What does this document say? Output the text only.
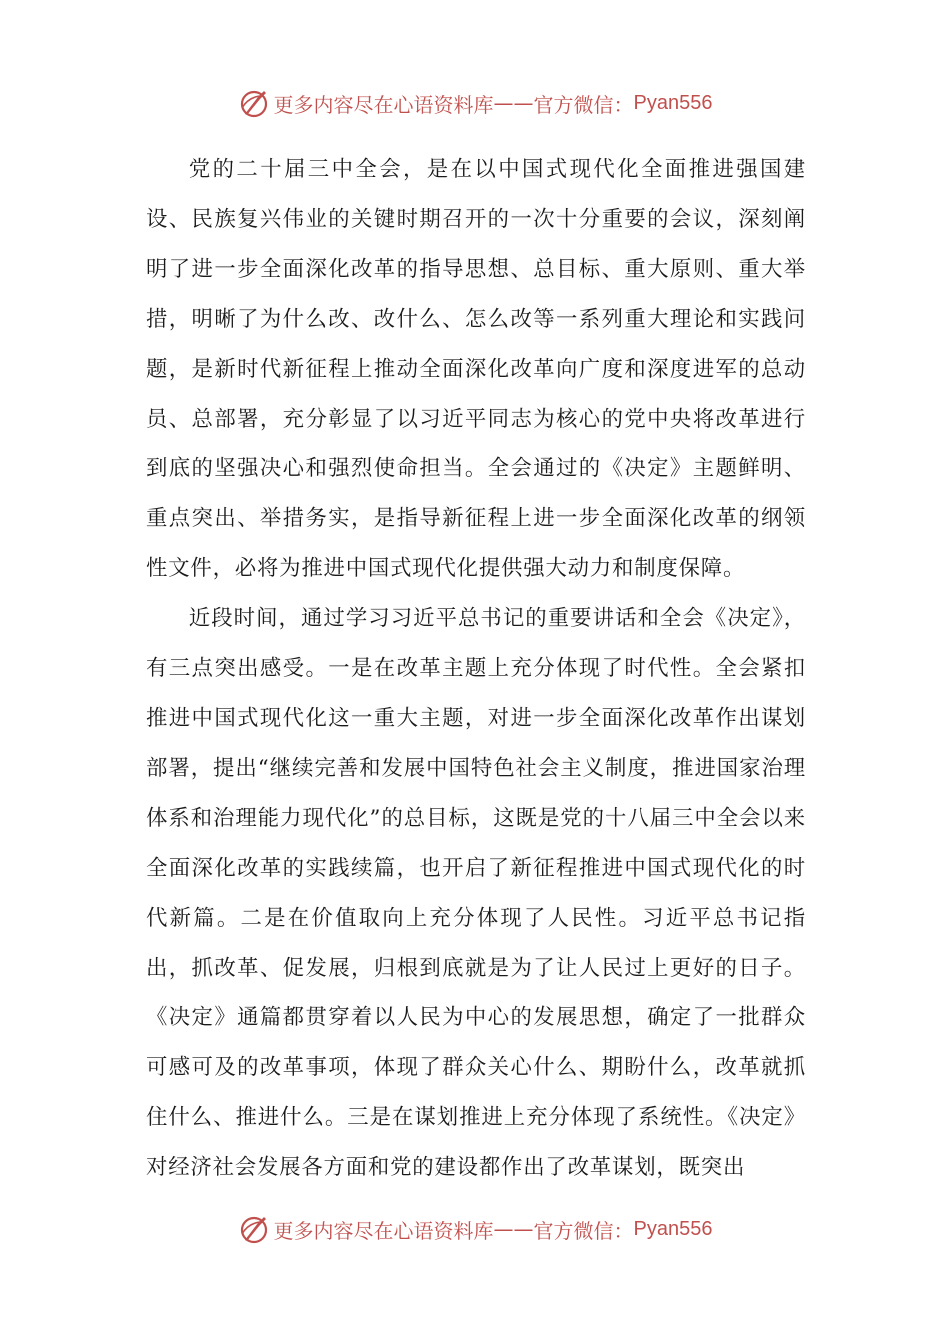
更多内容尽在心语资料库 —— 官方微信： Pyan556

党的二十届三中全会，是在以中国式现代化全面推进强国建设、民族复兴伟业的关键时期召开的一次十分重要的会议，深刻阐明了进一步全面深化改革的指导思想、总目标、重大原则、重大举措，明晰了为什么改、改什么、怎么改等一系列重大理论和实践问题，是新时代新征程上推动全面深化改革向广度和深度进军的总动员、总部署，充分彰显了以习近平同志为核心的党中央将改革进行到底的坚强决心和强烈使命担当。全会通过的《决定》主题鲜明、重点突出、举措务实，是指导新征程上进一步全面深化改革的纲领性文件，必将为推进中国式现代化提供强大动力和制度保障。

近段时间，通过学习习近平总书记的重要讲话和全会《决定》，有三点突出感受。一是在改革主题上充分体现了时代性。全会紧扣推进中国式现代化这一重大主题，对进一步全面深化改革作出谋划部署，提出“继续完善和发展中国特色社会主义制度，推进国家治理体系和治理能力现代化”的总目标，这既是党的十八届三中全会以来全面深化改革的实践续篇，也开启了新征程推进中国式现代化的时代新篇。二是在价值取向上充分体现了人民性。习近平总书记指出，抓改革、促发展，归根到底就是为了让人民过上更好的日子。《决定》通篇都贯穿着以人民为中心的发展思想，确定了一批群众可感可及的改革事项，体现了群众关心什么、期盼什么，改革就抓住什么、推进什么。三是在谋划推进上充分体现了系统性。《决定》对经济社会发展各方面和党的建设都作出了改革谋划，既突出

更多内容尽在心语资料库 —— 官方微信： Pyan556
